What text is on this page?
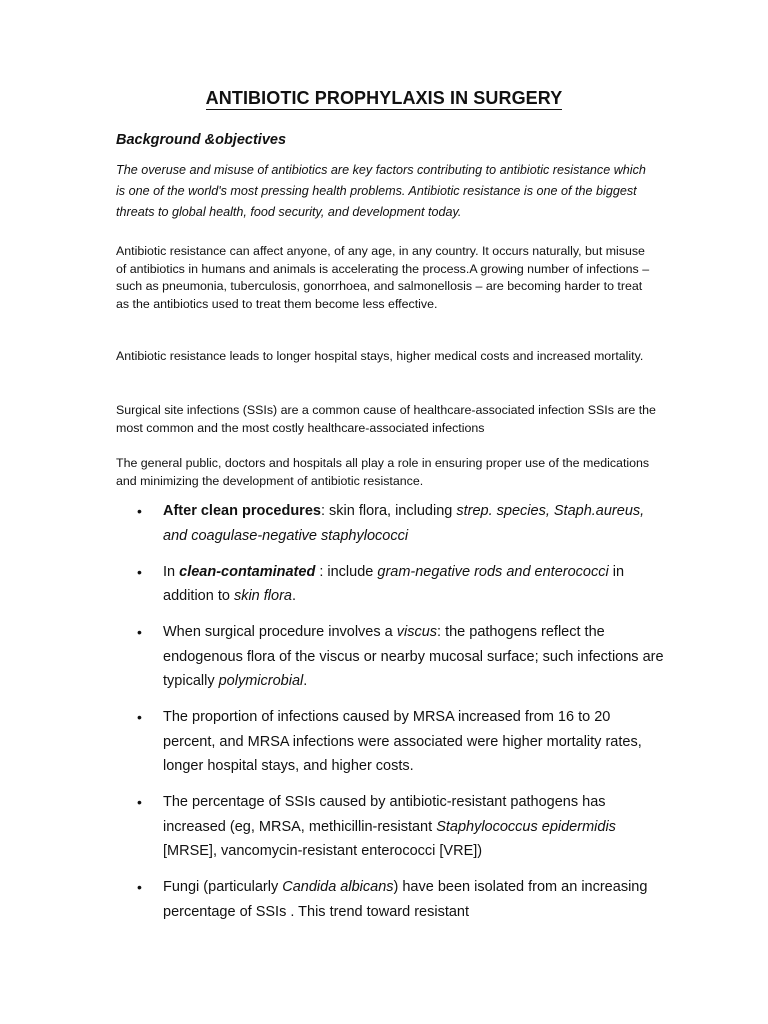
ANTIBIOTIC PROPHYLAXIS IN SURGERY

Background &objectives

The overuse and misuse of antibiotics are key factors contributing to antibiotic resistance which is one of the world's most pressing health problems. Antibiotic resistance is one of the biggest threats to global health, food security, and development today.

Antibiotic resistance can affect anyone, of any age, in any country. It occurs naturally, but misuse of antibiotics in humans and animals is accelerating the process.A growing number of infections – such as pneumonia, tuberculosis, gonorrhoea, and salmonellosis – are becoming harder to treat as the antibiotics used to treat them become less effective.

Antibiotic resistance leads to longer hospital stays, higher medical costs and increased mortality.

Surgical site infections (SSIs) are a common cause of healthcare-associated infection SSIs are the most common and the most costly healthcare-associated infections

The general public, doctors and hospitals all play a role in ensuring proper use of the medications and minimizing the development of antibiotic resistance.

• After clean procedures: skin flora, including strep. species, Staph.aureus, and coagulase-negative staphylococci
• In clean-contaminated : include gram-negative rods and enterococci in addition to skin flora.
• When surgical procedure involves a viscus: the pathogens reflect the endogenous flora of the viscus or nearby mucosal surface; such infections are typically polymicrobial.
• The proportion of infections caused by MRSA increased from 16 to 20 percent, and MRSA infections were associated were higher mortality rates, longer hospital stays, and higher costs.
• The percentage of SSIs caused by antibiotic-resistant pathogens has increased (eg, MRSA, methicillin-resistant Staphylococcus epidermidis [MRSE], vancomycin-resistant enterococci [VRE])
• Fungi (particularly Candida albicans) have been isolated from an increasing percentage of SSIs . This trend toward resistant
